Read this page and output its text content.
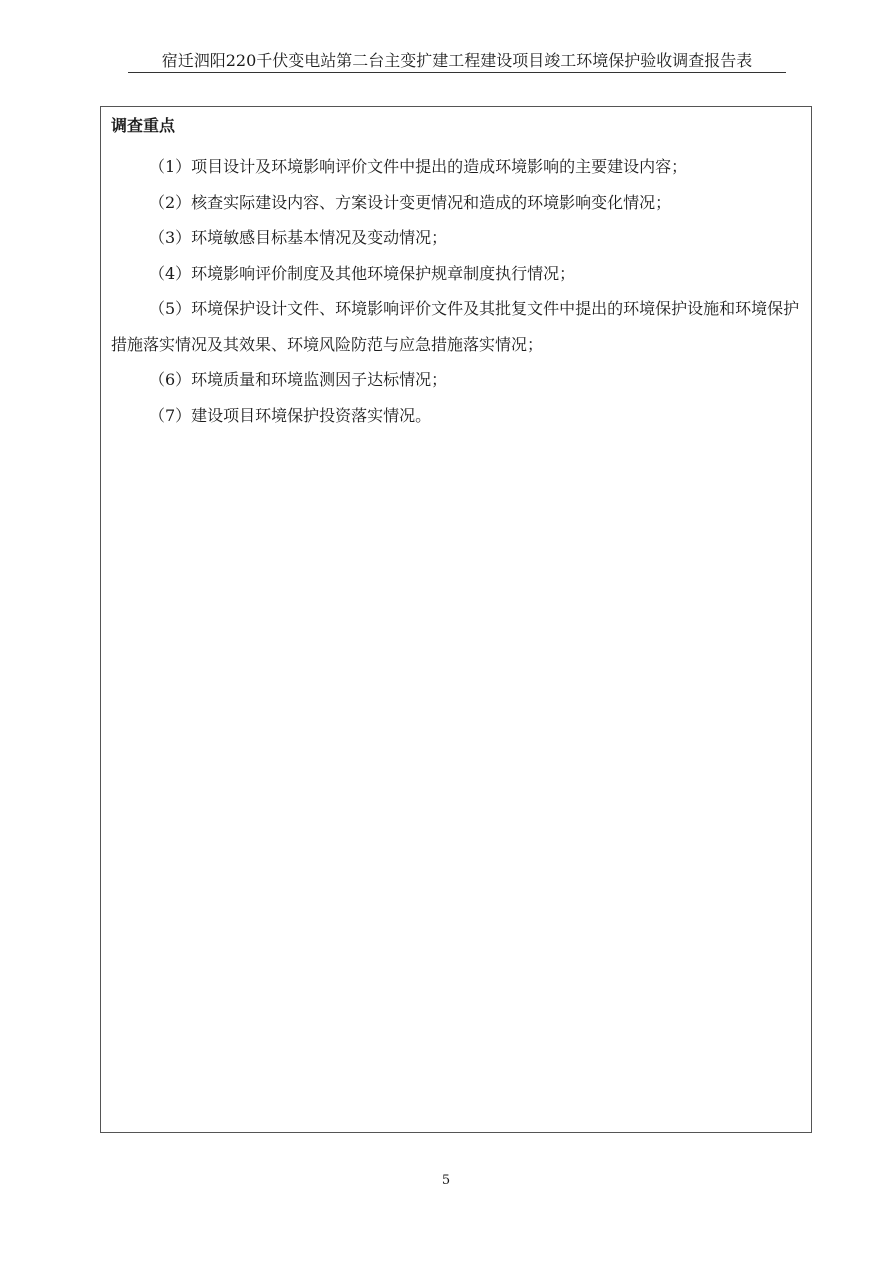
宿迁泗阳220千伏变电站第二台主变扩建工程建设项目竣工环境保护验收调查报告表
调查重点
（1）项目设计及环境影响评价文件中提出的造成环境影响的主要建设内容；
（2）核查实际建设内容、方案设计变更情况和造成的环境影响变化情况；
（3）环境敏感目标基本情况及变动情况；
（4）环境影响评价制度及其他环境保护规章制度执行情况；
（5）环境保护设计文件、环境影响评价文件及其批复文件中提出的环境保护设施和环境保护措施落实情况及其效果、环境风险防范与应急措施落实情况；
（6）环境质量和环境监测因子达标情况；
（7）建设项目环境保护投资落实情况。
5
